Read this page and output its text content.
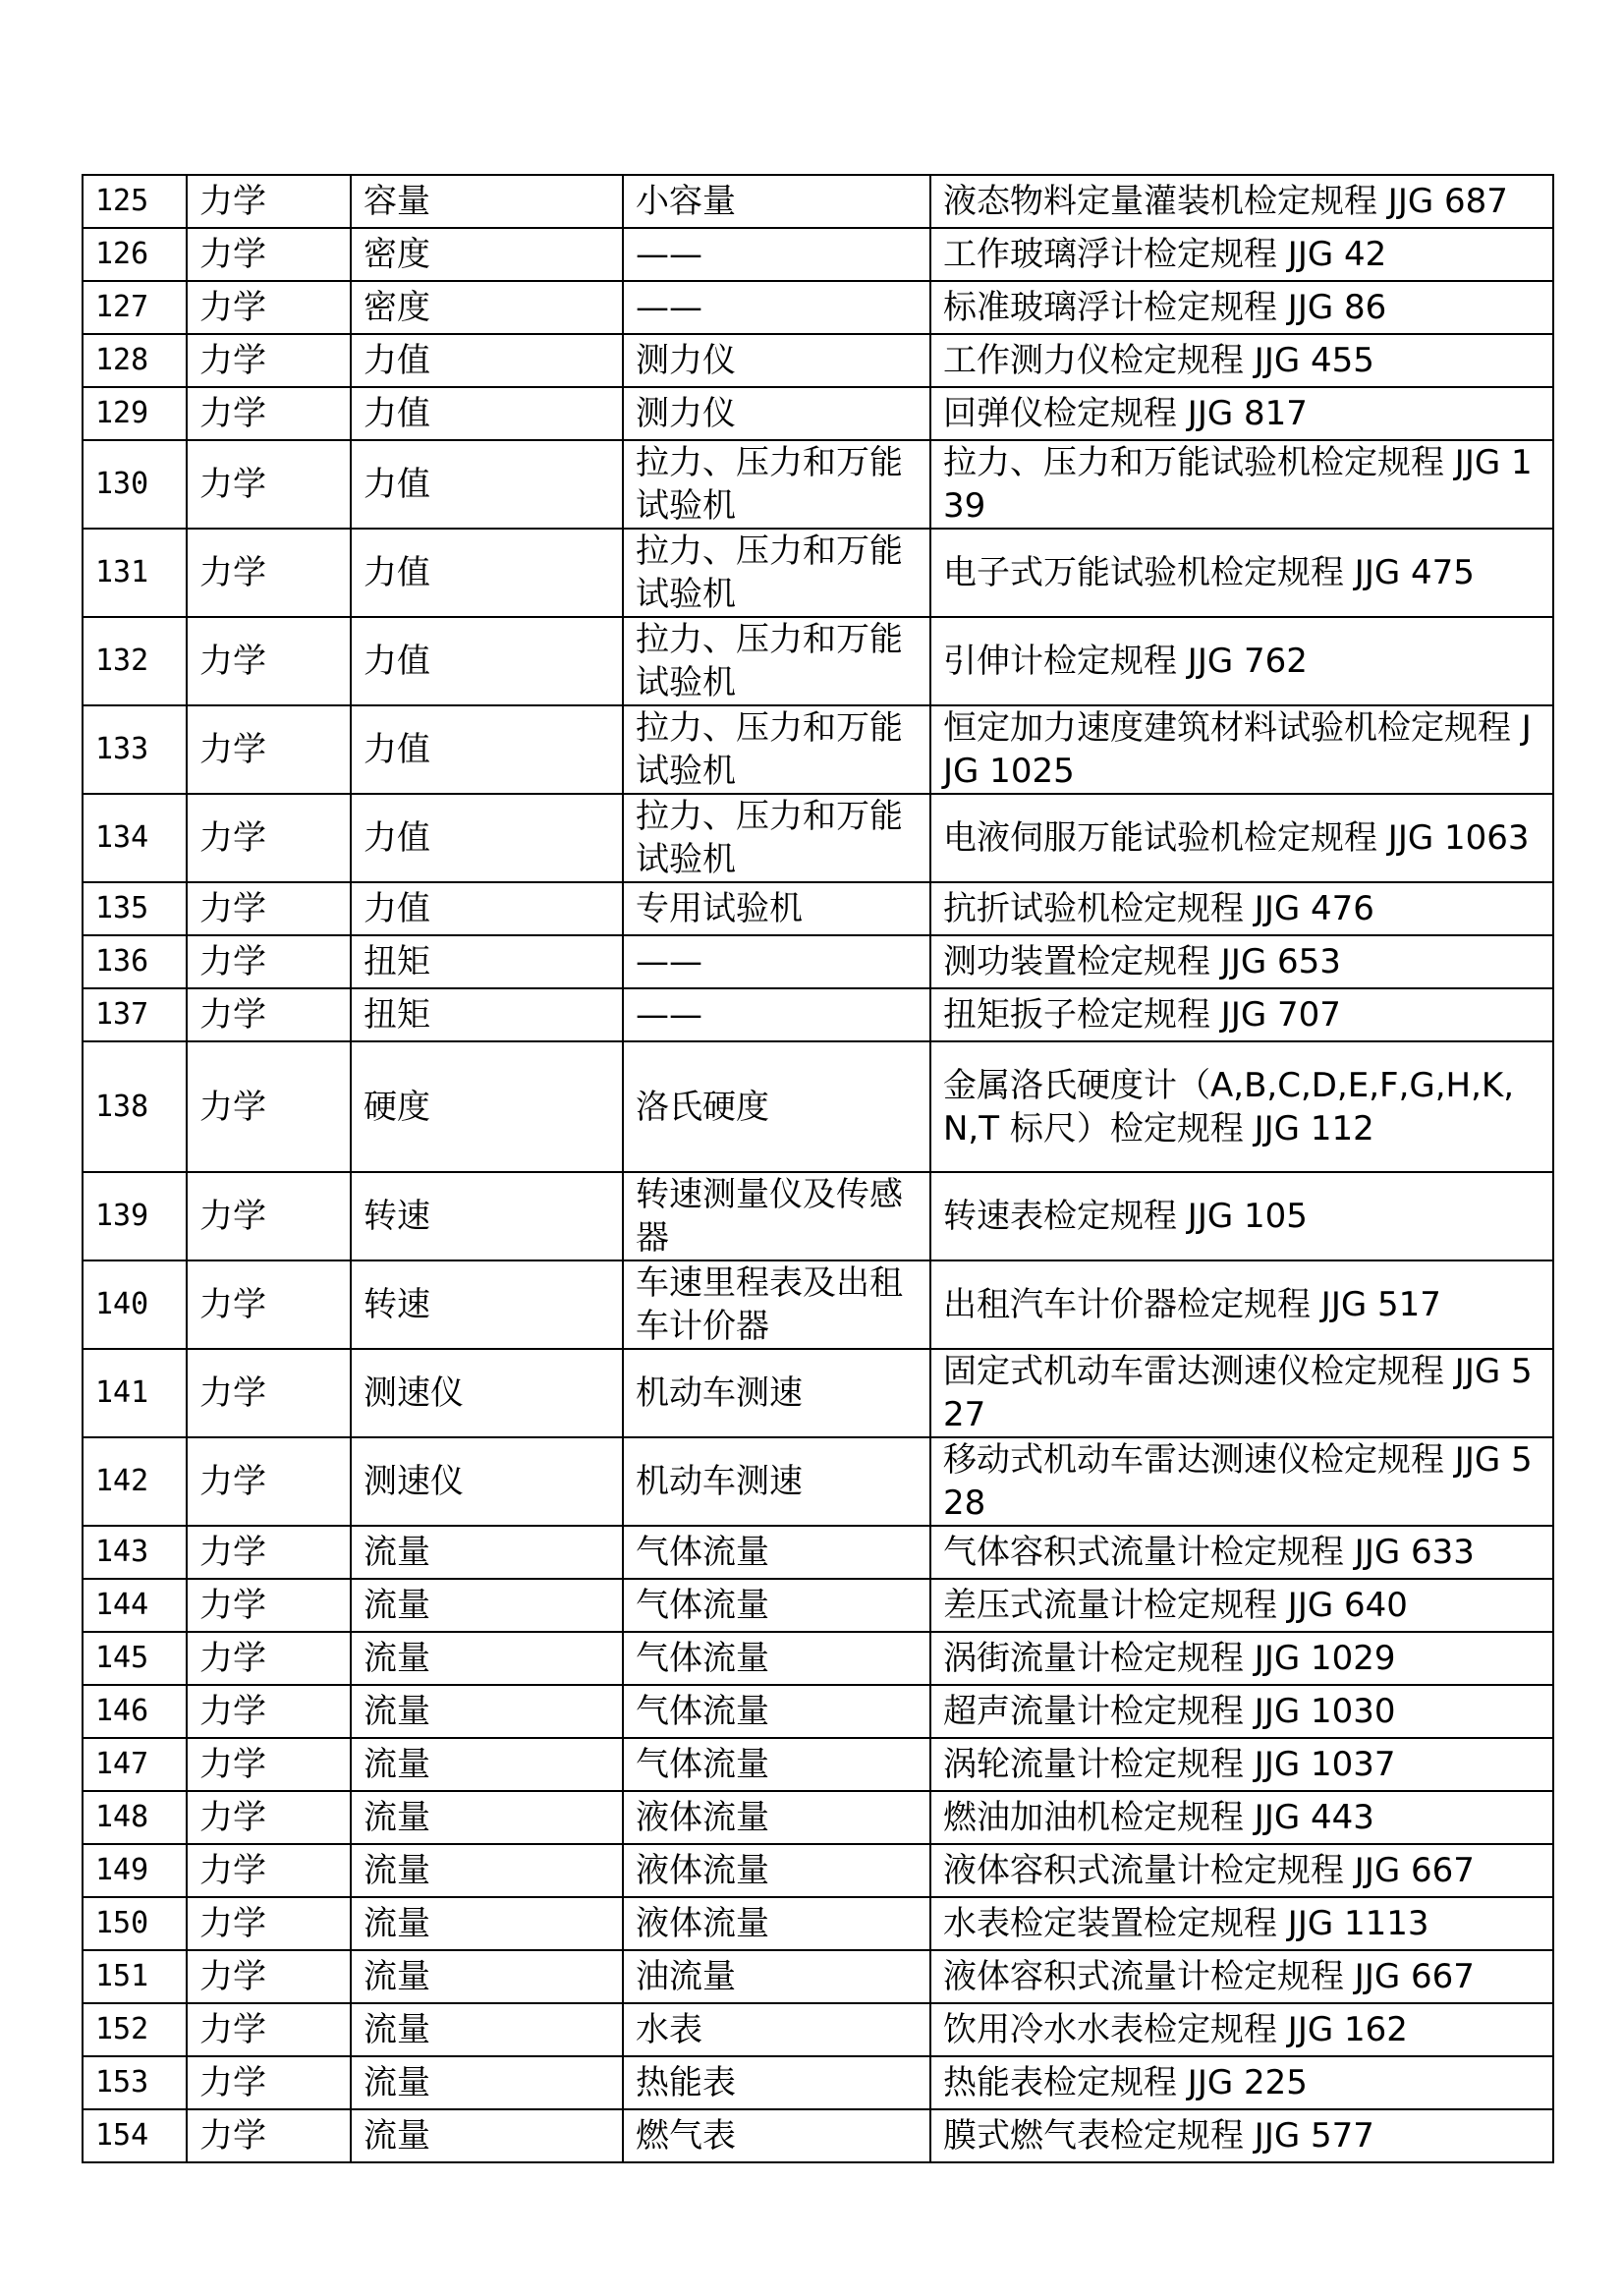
125	力学	容量	小容量	液态物料定量灌装机检定规程 JJG 687
126	力学	密度	——	工作玻璃浮计检定规程 JJG 42
127	力学	密度	——	标准玻璃浮计检定规程 JJG 86
128	力学	力值	测力仪	工作测力仪检定规程 JJG 455
129	力学	力值	测力仪	回弹仪检定规程 JJG 817
130	力学	力值	拉力、压力和万能试验机	拉力、压力和万能试验机检定规程 JJG 139
131	力学	力值	拉力、压力和万能试验机	电子式万能试验机检定规程 JJG 475
132	力学	力值	拉力、压力和万能试验机	引伸计检定规程 JJG 762
133	力学	力值	拉力、压力和万能试验机	恒定加力速度建筑材料试验机检定规程 JJG 1025
134	力学	力值	拉力、压力和万能试验机	电液伺服万能试验机检定规程 JJG 1063
135	力学	力值	专用试验机	抗折试验机检定规程 JJG 476
136	力学	扭矩	——	测功装置检定规程 JJG 653
137	力学	扭矩	——	扭矩扳子检定规程 JJG 707
138	力学	硬度	洛氏硬度	金属洛氏硬度计（A,B,C,D,E,F,G,H,K,N,T 标尺）检定规程 JJG 112
139	力学	转速	转速测量仪及传感器	转速表检定规程 JJG 105
140	力学	转速	车速里程表及出租车计价器	出租汽车计价器检定规程 JJG 517
141	力学	测速仪	机动车测速	固定式机动车雷达测速仪检定规程 JJG 527
142	力学	测速仪	机动车测速	移动式机动车雷达测速仪检定规程 JJG 528
143	力学	流量	气体流量	气体容积式流量计检定规程 JJG 633
144	力学	流量	气体流量	差压式流量计检定规程 JJG 640
145	力学	流量	气体流量	涡街流量计检定规程 JJG 1029
146	力学	流量	气体流量	超声流量计检定规程 JJG 1030
147	力学	流量	气体流量	涡轮流量计检定规程 JJG 1037
148	力学	流量	液体流量	燃油加油机检定规程 JJG 443
149	力学	流量	液体流量	液体容积式流量计检定规程 JJG 667
150	力学	流量	液体流量	水表检定装置检定规程 JJG 1113
151	力学	流量	油流量	液体容积式流量计检定规程 JJG 667
152	力学	流量	水表	饮用冷水水表检定规程 JJG 162
153	力学	流量	热能表	热能表检定规程 JJG 225
154	力学	流量	燃气表	膜式燃气表检定规程 JJG 577
